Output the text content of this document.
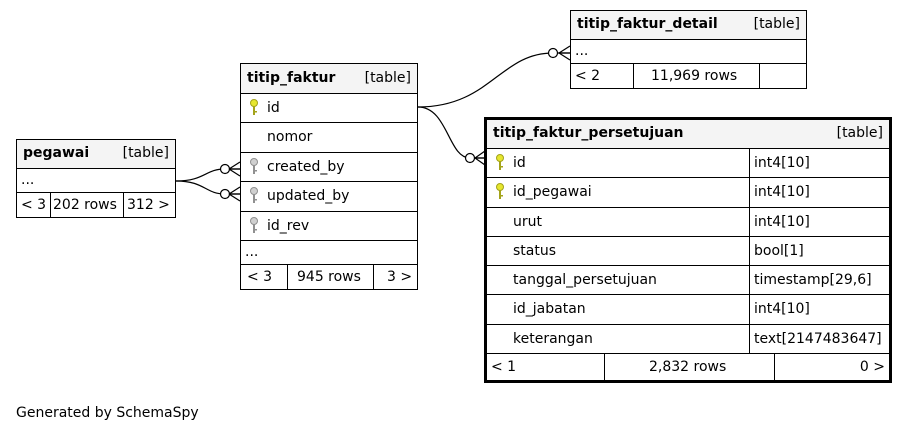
pegawai [table]
...
< 3 202 rows 312 >
titip_faktur [table]
id
nomor
created_by
updated_by
id_rev
...
< 3 945 rows 3 >
titip_faktur_detail	[table]
...
< 2	11,969 rows
titip_faktur_persetujuan	[table]
id	int4[10]
id_pegawai	int4[10]
urut	int4[10]
status	bool[1]
tanggal_persetujuan	timestamp[29,6]
id_jabatan	int4[10]
keterangan	text[2147483647]
< 1	2,832 rows	0 >
Generated by SchemaSpy
